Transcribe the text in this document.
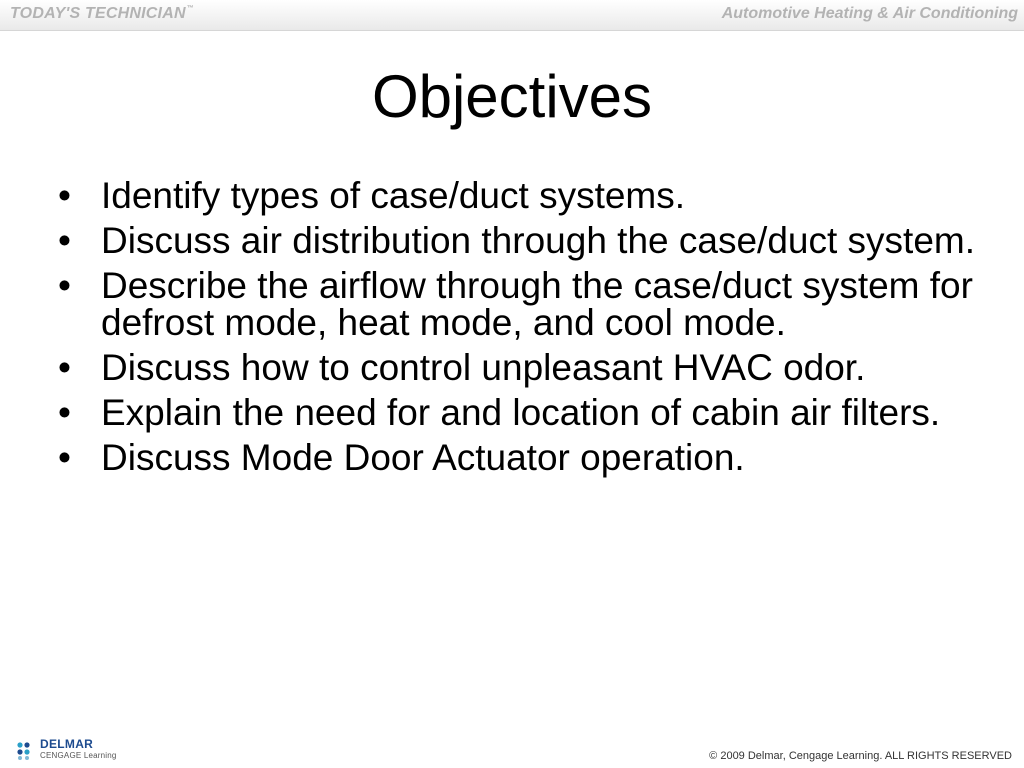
TODAY'S TECHNICIAN™	Automotive Heating & Air Conditioning
Objectives
• Identify types of case/duct systems.
• Discuss air distribution through the case/duct system.
• Describe the airflow through the case/duct system for defrost mode, heat mode, and cool mode.
• Discuss how to control unpleasant HVAC odor.
• Explain the need for and location of cabin air filters.
• Discuss Mode Door Actuator operation.
DELMAR
CENGAGE Learning	© 2009 Delmar, Cengage Learning. ALL RIGHTS RESERVED
